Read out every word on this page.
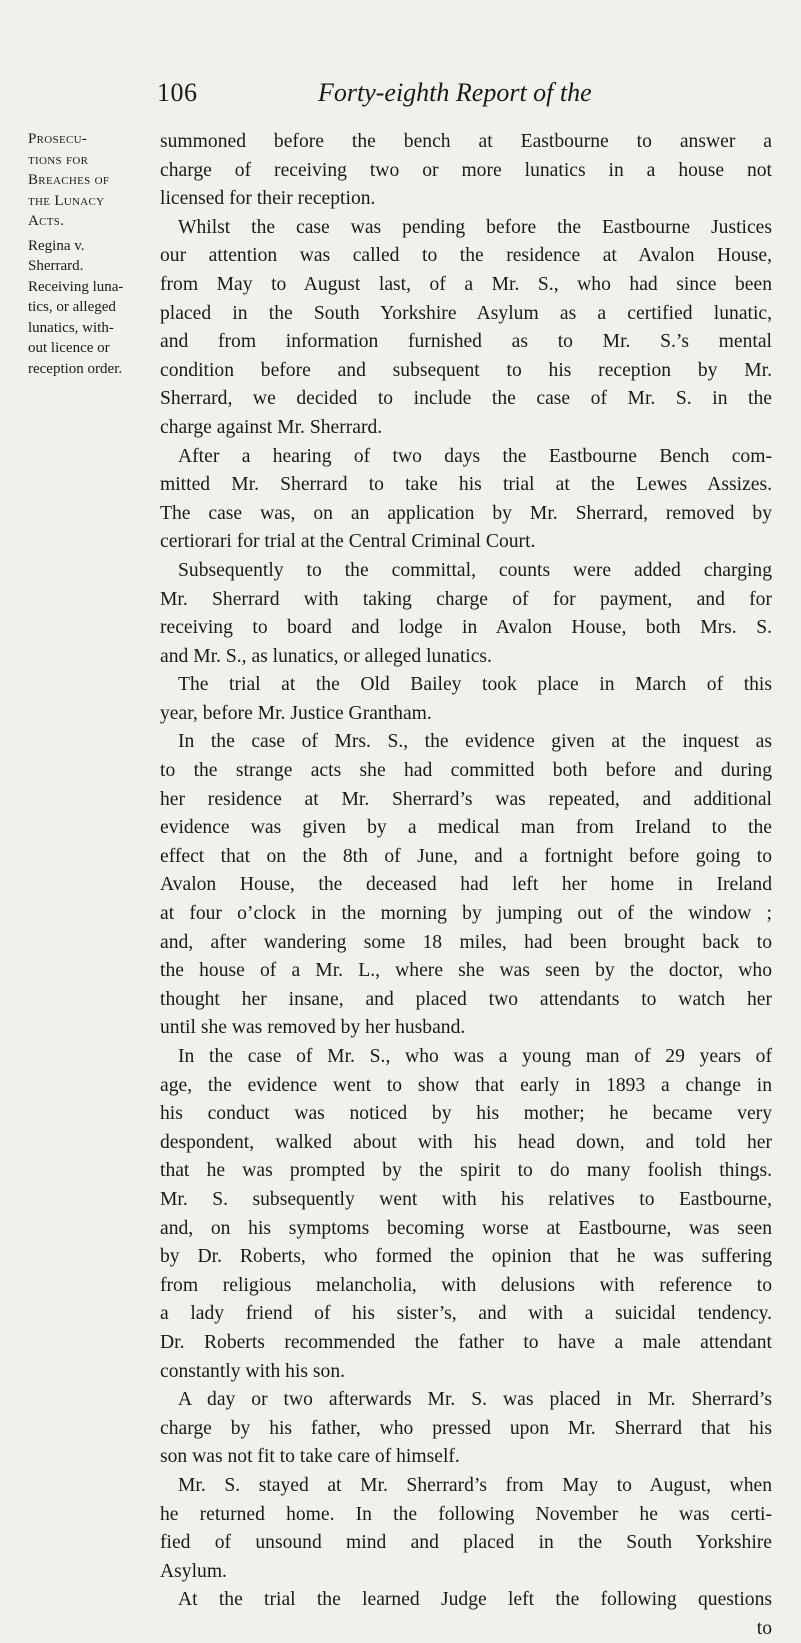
106	Forty-eighth Report of the
Prosecu-
tions for
Breaches of
the Lunacy
Acts.
Regina v.
Sherrard.
Receiving luna-
tics, or alleged
lunatics, with-
out licence or
reception order.
summoned before the bench at Eastbourne to answer a
charge of receiving two or more lunatics in a house not
licensed for their reception.
Whilst the case was pending before the Eastbourne Justices
our attention was called to the residence at Avalon House,
from May to August last, of a Mr. S., who had since been
placed in the South Yorkshire Asylum as a certified lunatic,
and from information furnished as to Mr. S.’s mental
condition before and subsequent to his reception by Mr.
Sherrard, we decided to include the case of Mr. S. in the
charge against Mr. Sherrard.
After a hearing of two days the Eastbourne Bench com-
mitted Mr. Sherrard to take his trial at the Lewes Assizes.
The case was, on an application by Mr. Sherrard, removed by
certiorari for trial at the Central Criminal Court.
Subsequently to the committal, counts were added charging
Mr. Sherrard with taking charge of for payment, and for
receiving to board and lodge in Avalon House, both Mrs. S.
and Mr. S., as lunatics, or alleged lunatics.
The trial at the Old Bailey took place in March of this
year, before Mr. Justice Grantham.
In the case of Mrs. S., the evidence given at the inquest as
to the strange acts she had committed both before and during
her residence at Mr. Sherrard’s was repeated, and additional
evidence was given by a medical man from Ireland to the
effect that on the 8th of June, and a fortnight before going to
Avalon House, the deceased had left her home in Ireland
at four o’clock in the morning by jumping out of the window ;
and, after wandering some 18 miles, had been brought back to
the house of a Mr. L., where she was seen by the doctor, who
thought her insane, and placed two attendants to watch her
until she was removed by her husband.
In the case of Mr. S., who was a young man of 29 years of
age, the evidence went to show that early in 1893 a change in
his conduct was noticed by his mother; he became very
despondent, walked about with his head down, and told her
that he was prompted by the spirit to do many foolish things.
Mr. S. subsequently went with his relatives to Eastbourne,
and, on his symptoms becoming worse at Eastbourne, was seen
by Dr. Roberts, who formed the opinion that he was suffering
from religious melancholia, with delusions with reference to
a lady friend of his sister’s, and with a suicidal tendency.
Dr. Roberts recommended the father to have a male attendant
constantly with his son.
A day or two afterwards Mr. S. was placed in Mr. Sherrard’s
charge by his father, who pressed upon Mr. Sherrard that his
son was not fit to take care of himself.
Mr. S. stayed at Mr. Sherrard’s from May to August, when
he returned home. In the following November he was certi-
fied of unsound mind and placed in the South Yorkshire
Asylum.
At the trial the learned Judge left the following questions
to
